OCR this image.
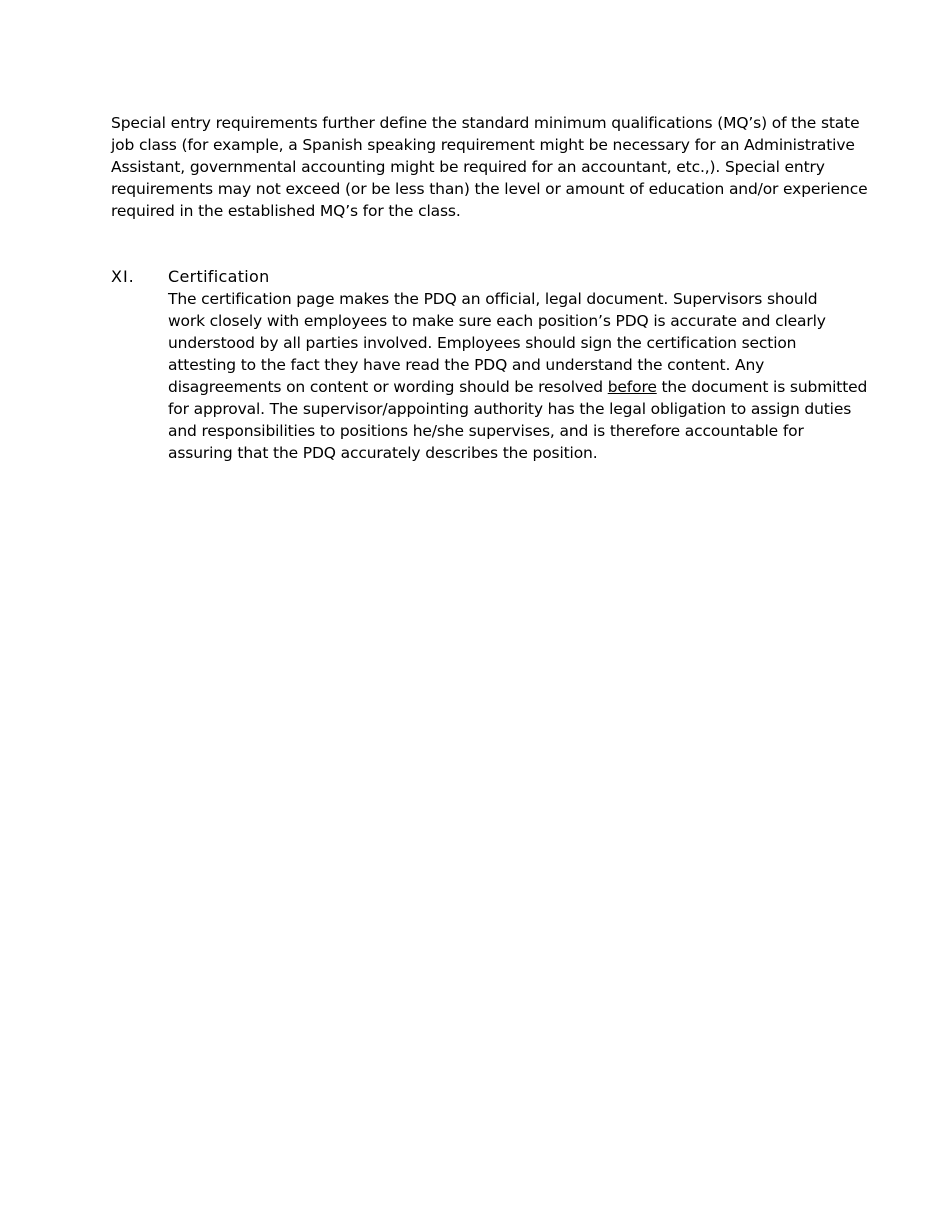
Special entry requirements further define the standard minimum qualifications (MQ’s) of the state
job class (for example, a Spanish speaking requirement might be necessary for an Administrative
Assistant, governmental accounting might be required for an accountant, etc.,). Special entry
requirements may not exceed (or be less than) the level or amount of education and/or experience
required in the established MQ’s for the class.
XI. Certification
The certification page makes the PDQ an official, legal document. Supervisors should
work closely with employees to make sure each position’s PDQ is accurate and clearly
understood by all parties involved. Employees should sign the certification section
attesting to the fact they have read the PDQ and understand the content. Any
disagreements on content or wording should be resolved before the document is submitted
for approval. The supervisor/appointing authority has the legal obligation to assign duties
and responsibilities to positions he/she supervises, and is therefore accountable for
assuring that the PDQ accurately describes the position.
